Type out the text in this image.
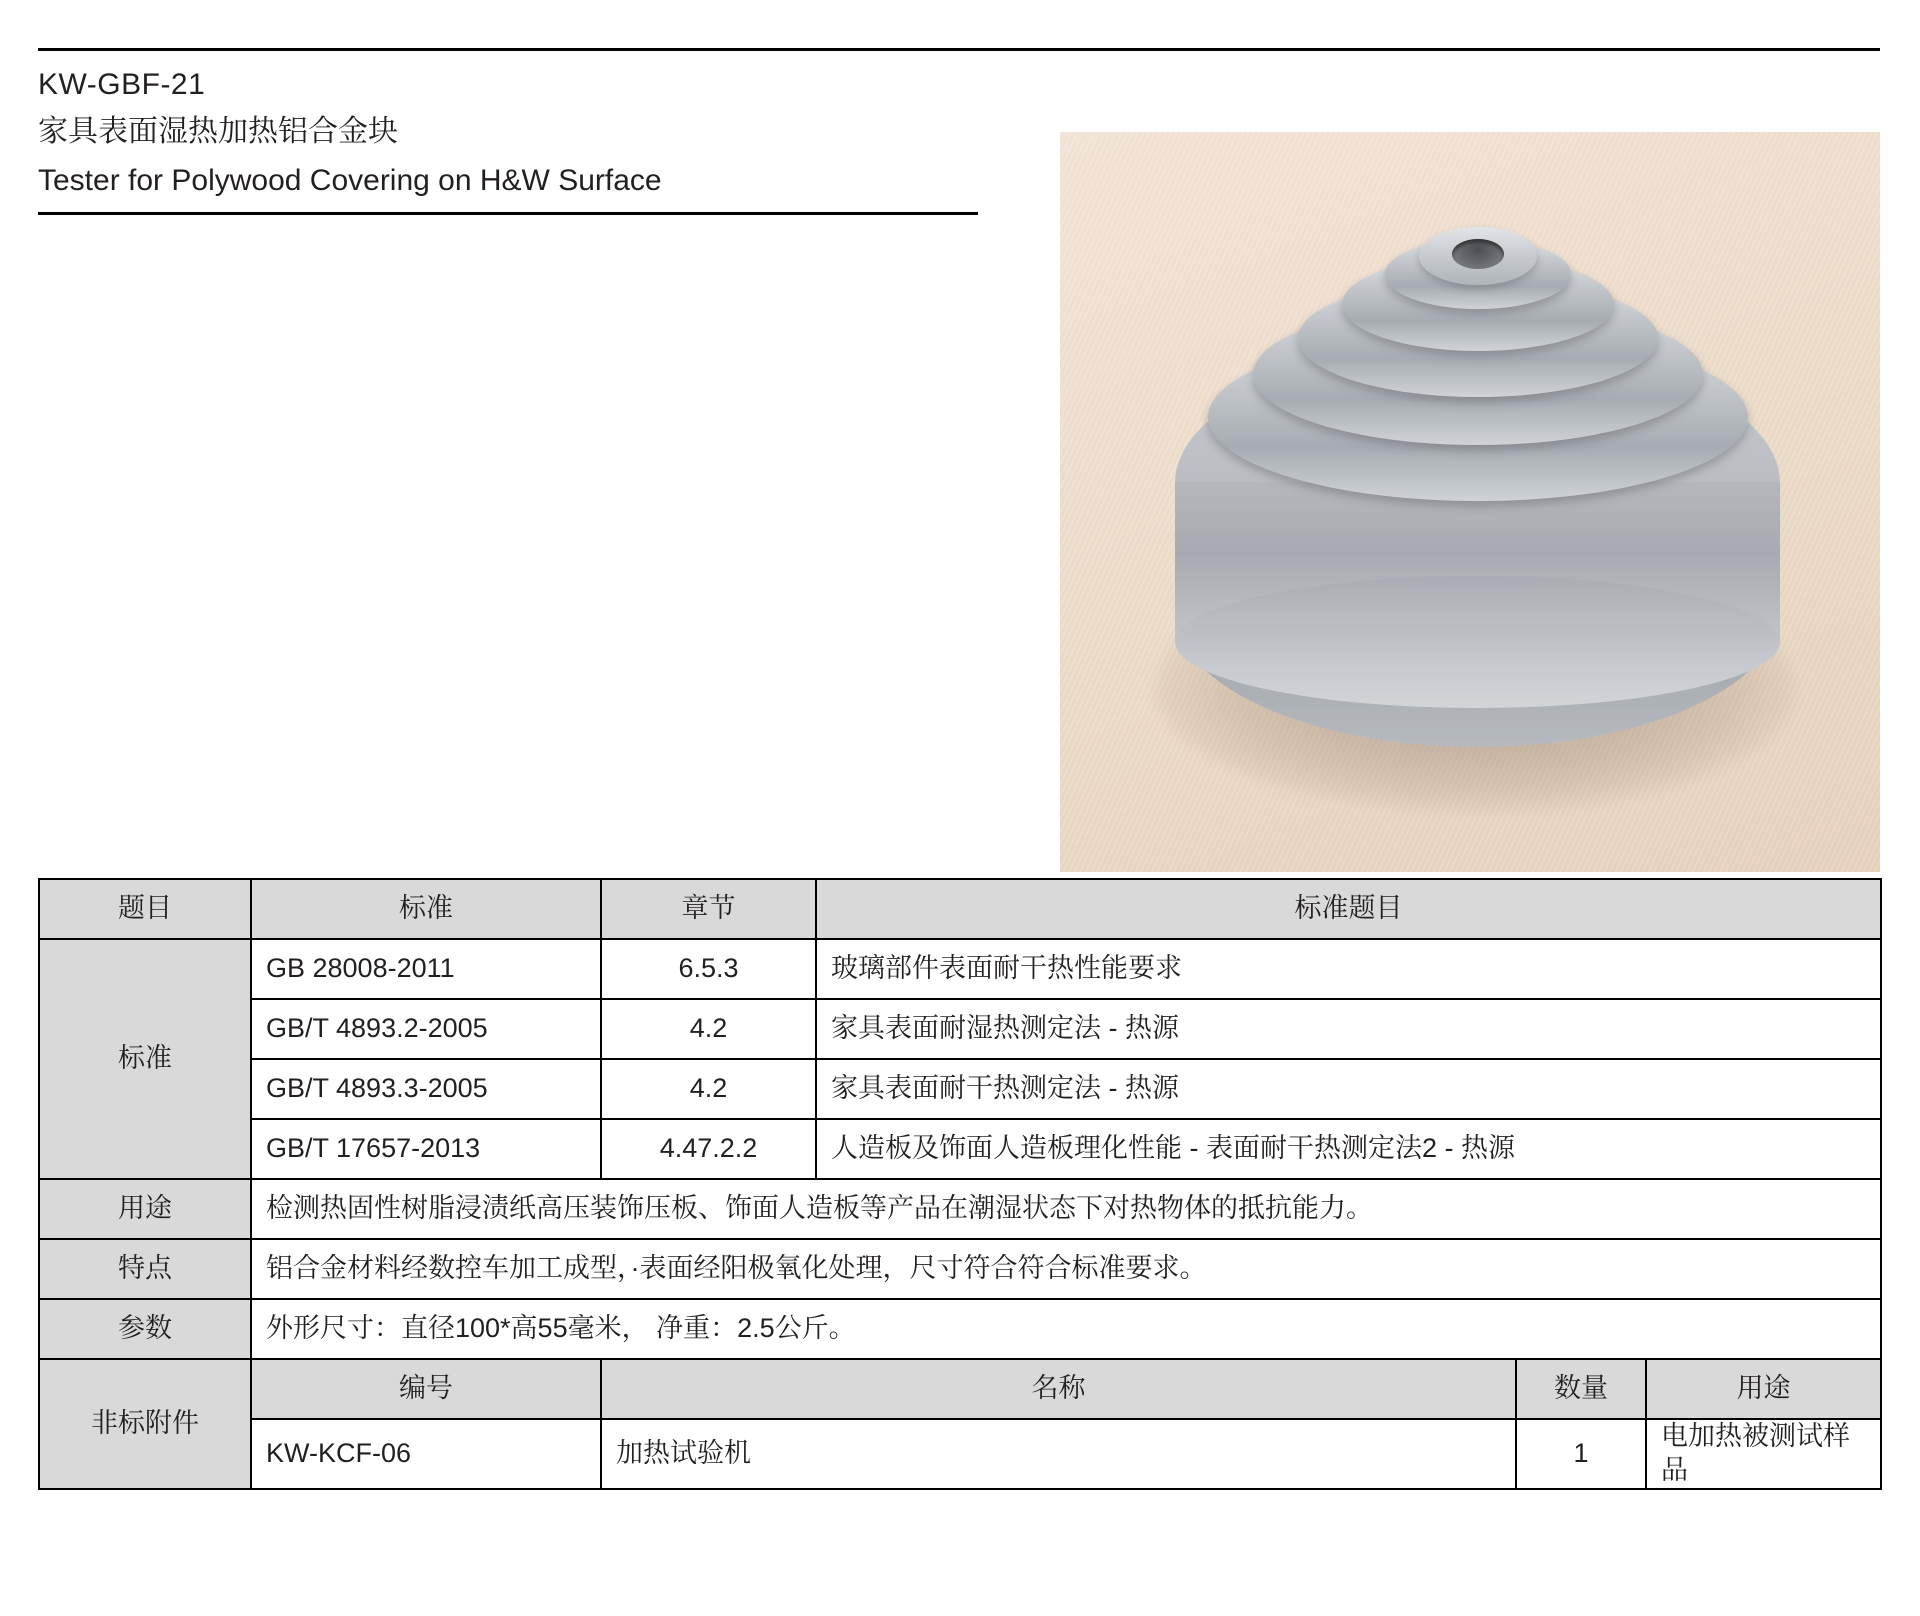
KW-GBF-21
家具表面湿热加热铝合金块
Tester for Polywood Covering on H&W Surface
题目	标准	章节	标准题目		
标准	GB 28008-2011	6.5.3	玻璃部件表面耐干热性能要求		
	GB/T 4893.2-2005	4.2	家具表面耐湿热测定法 - 热源		
	GB/T 4893.3-2005	4.2	家具表面耐干热测定法 - 热源		
	GB/T 17657-2013	4.47.2.2	人造板及饰面人造板理化性能 - 表面耐干热测定法2 - 热源		
用途	检测热固性树脂浸渍纸高压装饰压板、饰面人造板等产品在潮湿状态下对热物体的抵抗能力。				
特点	铝合金材料经数控车加工成型，·表面经阳极氧化处理，尺寸符合符合标准要求。				
参数	外形尺寸：直径100*高55毫米， 净重：2.5公斤。				
非标附件	编号	名称		数量	用途
	KW-KCF-06	加热试验机		1	电加热被测试样品
